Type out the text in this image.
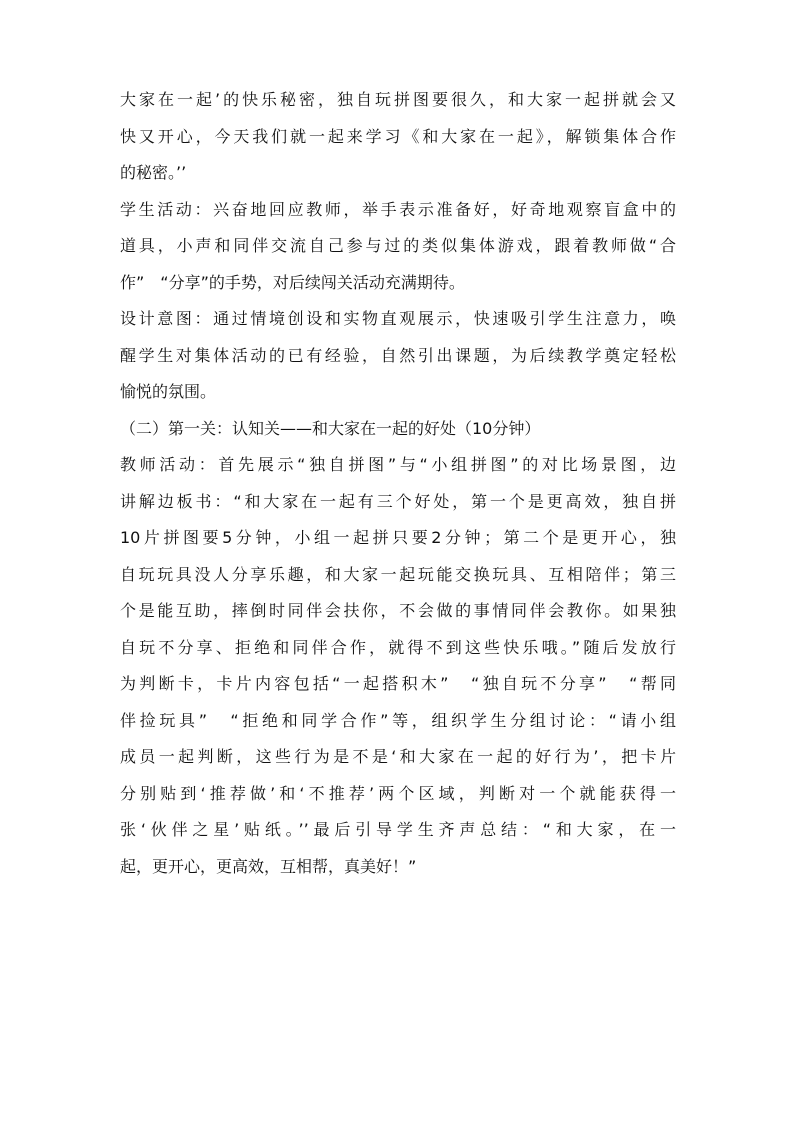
大家在一起’的快乐秘密，独自玩拼图要很久，和大家一起拼就会又
快又开心，今天我们就一起来学习《和大家在一起》，解锁集体合作
的秘密。’’
学生活动：兴奋地回应教师，举手表示准备好，好奇地观察盲盒中的
道具，小声和同伴交流自己参与过的类似集体游戏，跟着教师做“合
作”　“分享”的手势，对后续闯关活动充满期待。
设计意图：通过情境创设和实物直观展示，快速吸引学生注意力，唤
醒学生对集体活动的已有经验，自然引出课题，为后续教学奠定轻松
愉悦的氛围。
（二）第一关：认知关——和大家在一起的好处（10分钟）
教师活动：首先展示“独自拼图”与“小组拼图”的对比场景图，边
讲解边板书：“和大家在一起有三个好处，第一个是更高效，独自拼
10片拼图要5分钟，小组一起拼只要2分钟；第二个是更开心，独
自玩玩具没人分享乐趣，和大家一起玩能交换玩具、互相陪伴；第三
个是能互助，摔倒时同伴会扶你，不会做的事情同伴会教你。如果独
自玩不分享、拒绝和同伴合作，就得不到这些快乐哦。”随后发放行
为判断卡，卡片内容包括“一起搭积木”　“独自玩不分享”　“帮同
伴捡玩具”　“拒绝和同学合作”等，组织学生分组讨论：“请小组
成员一起判断，这些行为是不是‘和大家在一起的好行为’，把卡片
分别贴到‘推荐做’和‘不推荐’两个区域，判断对一个就能获得一
张‘伙伴之星’贴纸。’’最后引导学生齐声总结：“和大家，在一
起，更开心，更高效，互相帮，真美好！”
